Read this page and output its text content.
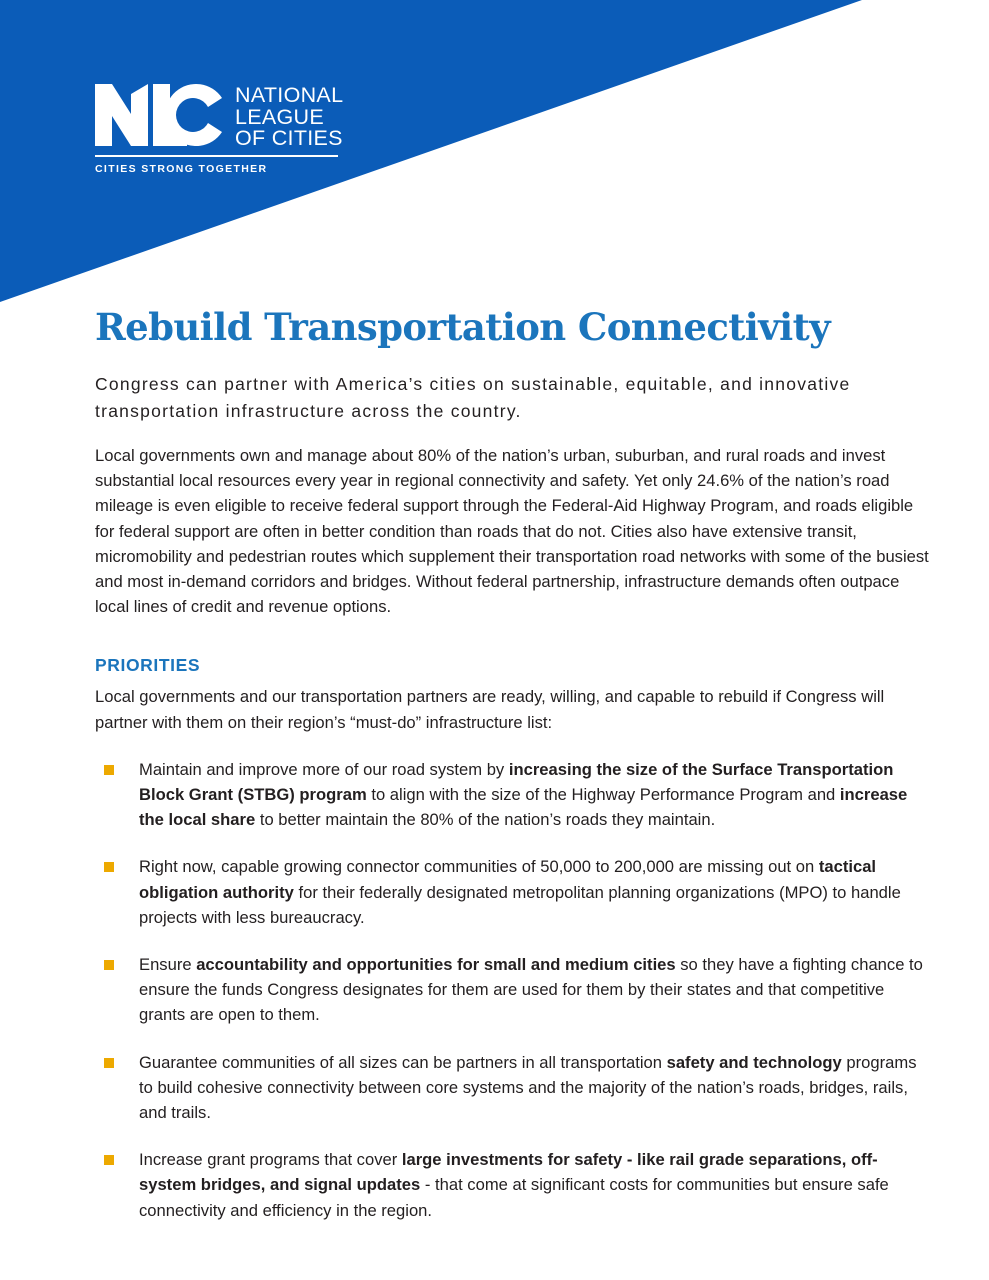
NATIONAL
LEAGUE
OF CITIES
CITIES STRONG TOGETHER
Rebuild Transportation Connectivity

Congress can partner with America’s cities on sustainable, equitable, and innovative transportation infrastructure across the country.

Local governments own and manage about 80% of the nation’s urban, suburban, and rural roads and invest substantial local resources every year in regional connectivity and safety. Yet only 24.6% of the nation’s road mileage is even eligible to receive federal support through the Federal-Aid Highway Program, and roads eligible for federal support are often in better condition than roads that do not. Cities also have extensive transit, micromobility and pedestrian routes which supplement their transportation road networks with some of the busiest and most in-demand corridors and bridges. Without federal partnership, infrastructure demands often outpace local lines of credit and revenue options.

PRIORITIES

Local governments and our transportation partners are ready, willing, and capable to rebuild if Congress will partner with them on their region’s “must-do” infrastructure list:

Maintain and improve more of our road system by increasing the size of the Surface Transportation Block Grant (STBG) program to align with the size of the Highway Performance Program and increase the local share to better maintain the 80% of the nation’s roads they maintain.
Right now, capable growing connector communities of 50,000 to 200,000 are missing out on tactical obligation authority for their federally designated metropolitan planning organizations (MPO) to handle projects with less bureaucracy.
Ensure accountability and opportunities for small and medium cities so they have a fighting chance to ensure the funds Congress designates for them are used for them by their states and that competitive grants are open to them.
Guarantee communities of all sizes can be partners in all transportation safety and technology programs to build cohesive connectivity between core systems and the majority of the nation’s roads, bridges, rails, and trails.
Increase grant programs that cover large investments for safety - like rail grade separations, off-system bridges, and signal updates - that come at significant costs for communities but ensure safe connectivity and efficiency in the region.
